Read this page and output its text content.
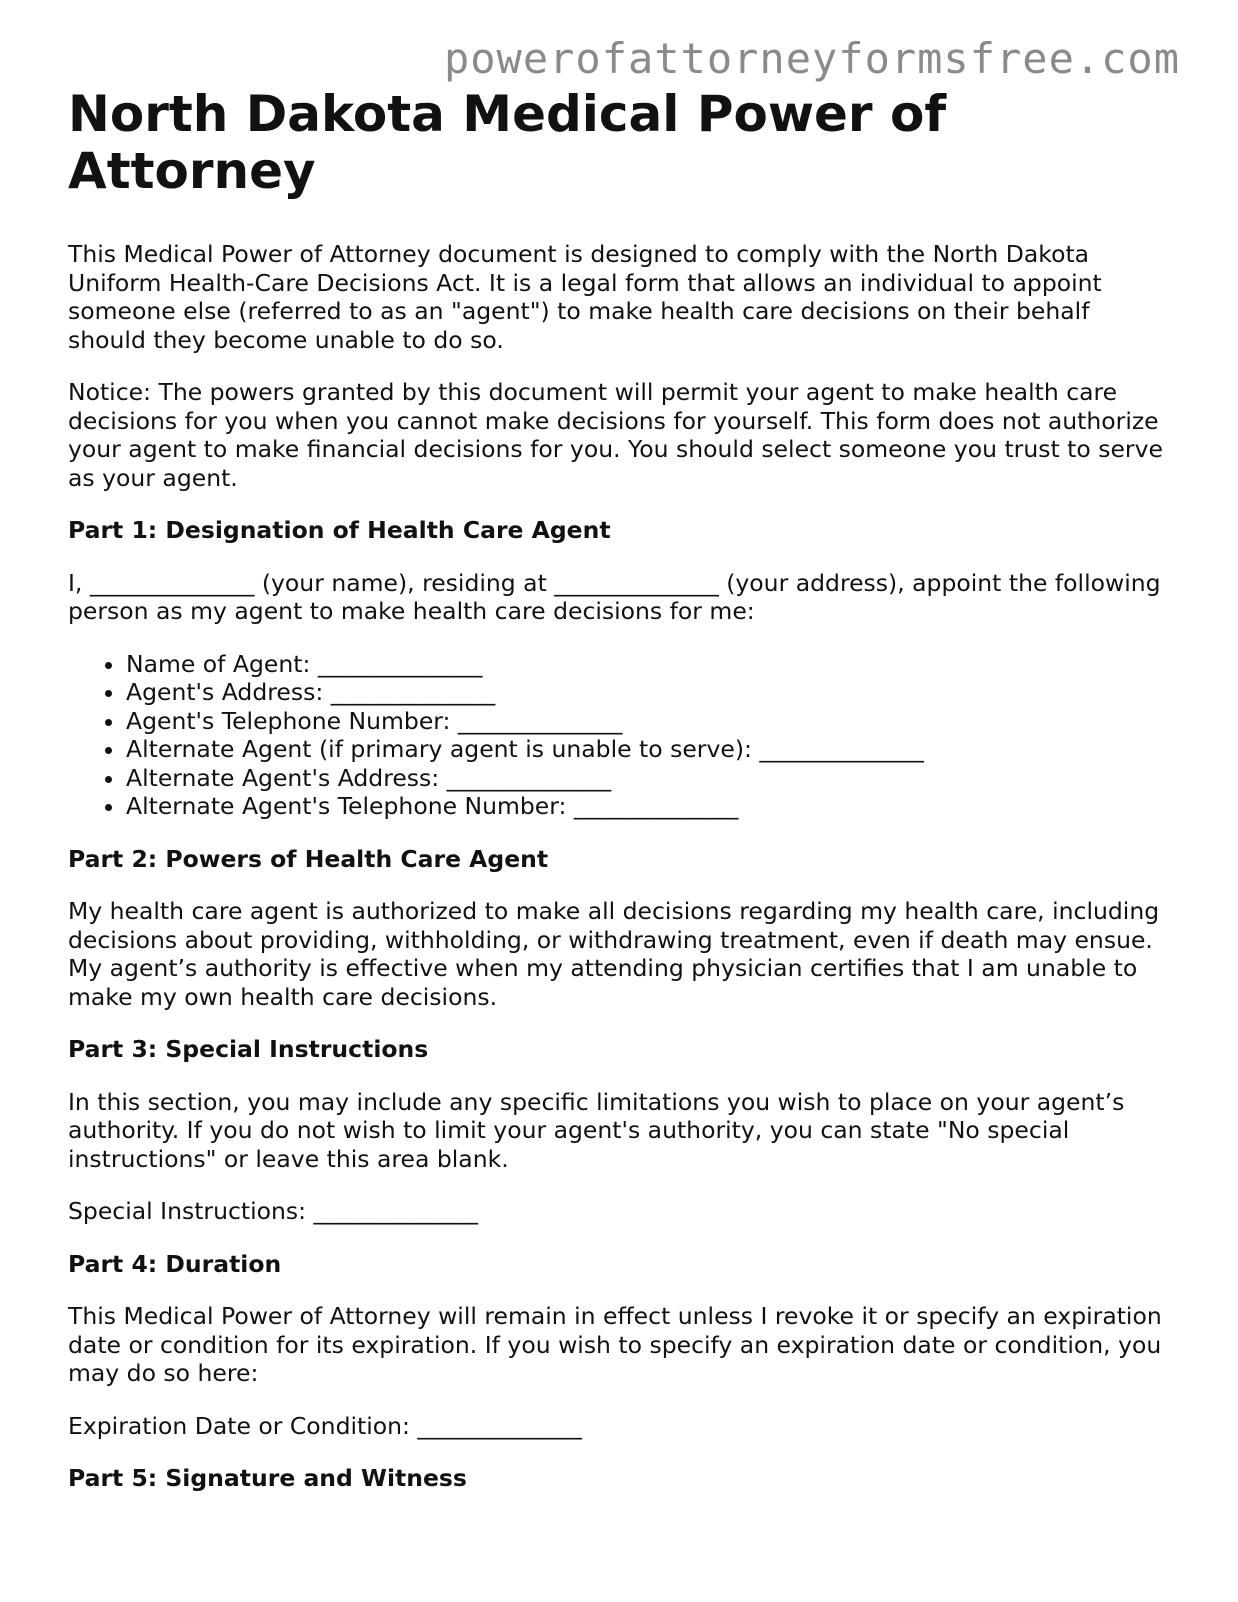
powerofattorneyformsfree.com
North Dakota Medical Power of Attorney

This Medical Power of Attorney document is designed to comply with the North Dakota Uniform Health-Care Decisions Act. It is a legal form that allows an individual to appoint someone else (referred to as an "agent") to make health care decisions on their behalf should they become unable to do so.

Notice: The powers granted by this document will permit your agent to make health care decisions for you when you cannot make decisions for yourself. This form does not authorize your agent to make financial decisions for you. You should select someone you trust to serve as your agent.

Part 1: Designation of Health Care Agent

I, ______________ (your name), residing at ______________ (your address), appoint the following person as my agent to make health care decisions for me:

• Name of Agent: ______________
• Agent's Address: ______________
• Agent's Telephone Number: ______________
• Alternate Agent (if primary agent is unable to serve): ______________
• Alternate Agent's Address: ______________
• Alternate Agent's Telephone Number: ______________
Part 2: Powers of Health Care Agent

My health care agent is authorized to make all decisions regarding my health care, including decisions about providing, withholding, or withdrawing treatment, even if death may ensue. My agent’s authority is effective when my attending physician certifies that I am unable to make my own health care decisions.

Part 3: Special Instructions

In this section, you may include any specific limitations you wish to place on your agent’s authority. If you do not wish to limit your agent's authority, you can state "No special instructions" or leave this area blank.

Special Instructions: ______________

Part 4: Duration

This Medical Power of Attorney will remain in effect unless I revoke it or specify an expiration date or condition for its expiration. If you wish to specify an expiration date or condition, you may do so here:

Expiration Date or Condition: ______________

Part 5: Signature and Witness
